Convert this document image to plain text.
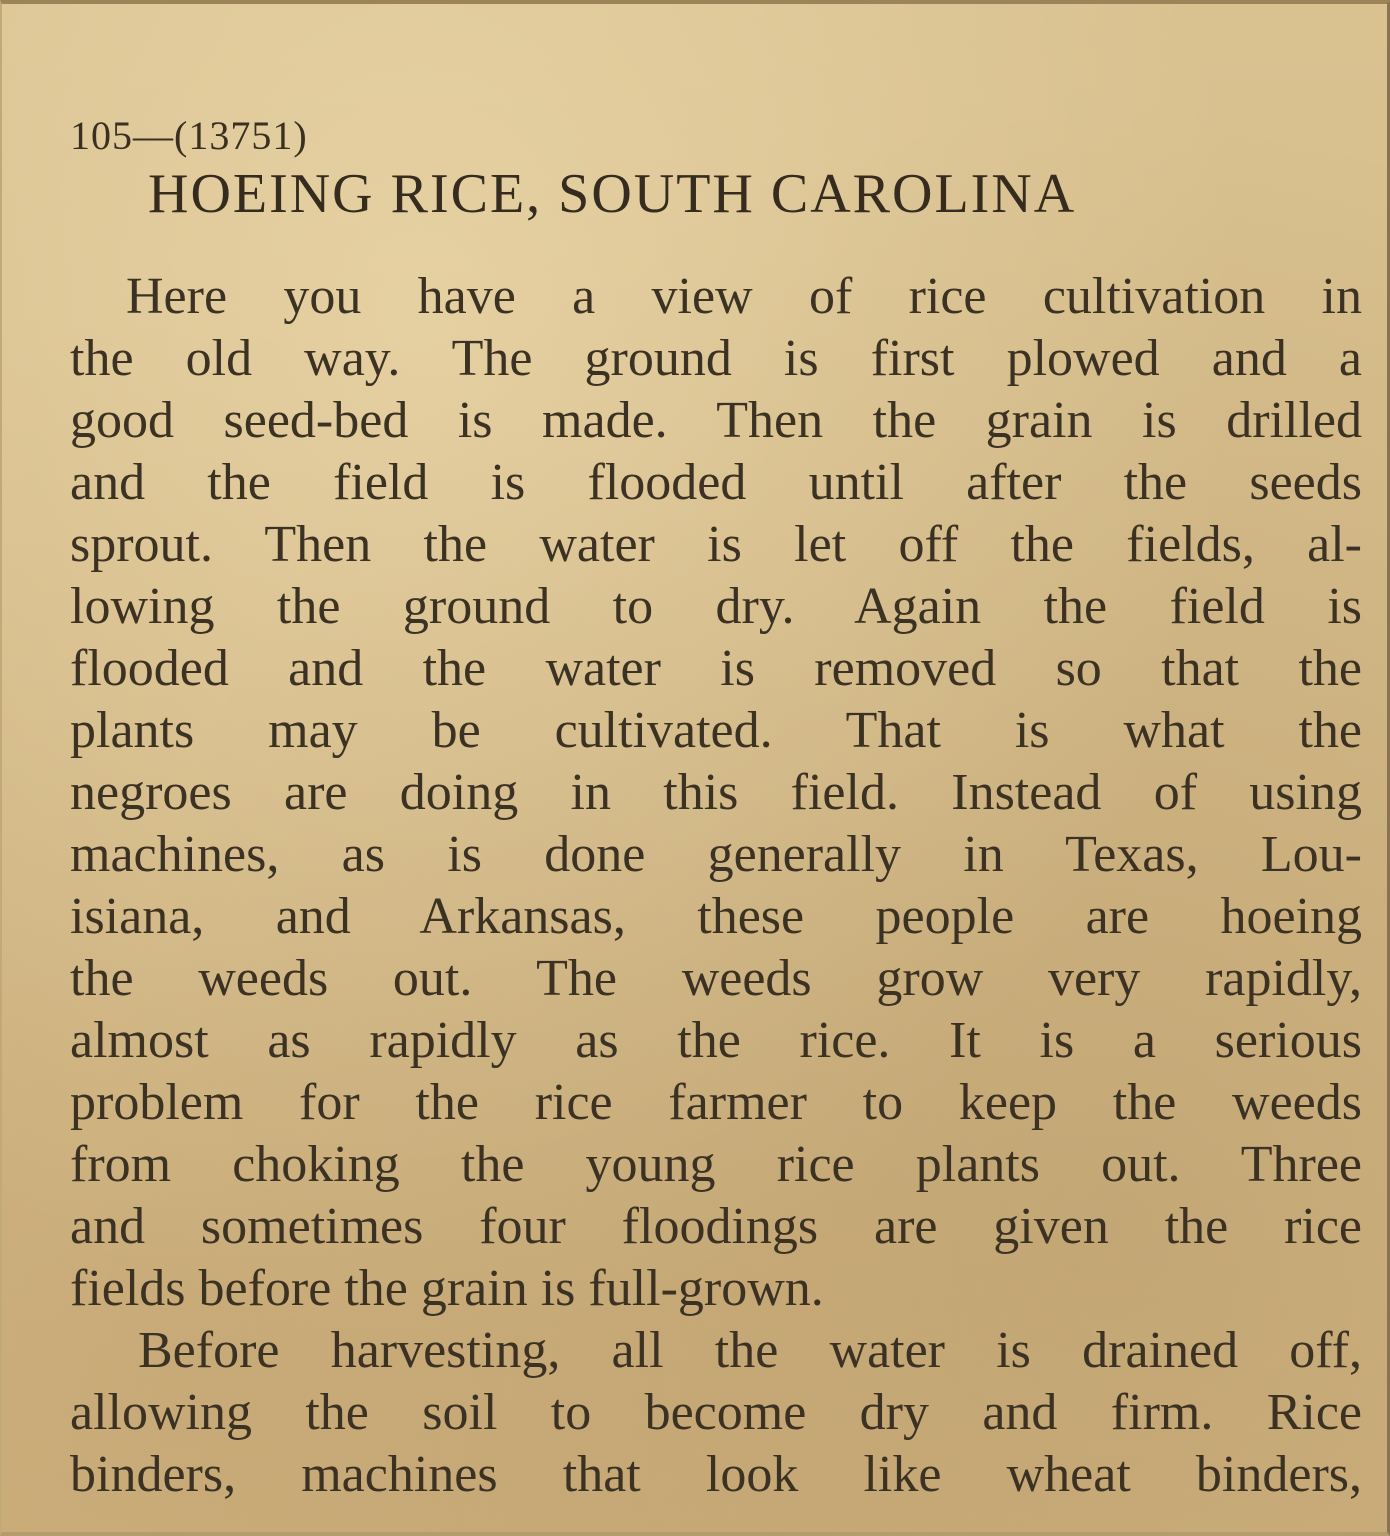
105—(13751)
HOEING RICE, SOUTH CAROLINA
Here you have a view of rice cultivation in
the old way. The ground is first plowed and a
good seed-bed is made. Then the grain is drilled
and the field is flooded until after the seeds
sprout. Then the water is let off the fields, al-
lowing the ground to dry. Again the field is
flooded and the water is removed so that the
plants may be cultivated. That is what the
negroes are doing in this field. Instead of using
machines, as is done generally in Texas, Lou-
isiana, and Arkansas, these people are hoeing
the weeds out. The weeds grow very rapidly,
almost as rapidly as the rice. It is a serious
problem for the rice farmer to keep the weeds
from choking the young rice plants out. Three
and sometimes four floodings are given the rice
fields before the grain is full-grown.
Before harvesting, all the water is drained off,
allowing the soil to become dry and firm. Rice
binders, machines that look like wheat binders,
